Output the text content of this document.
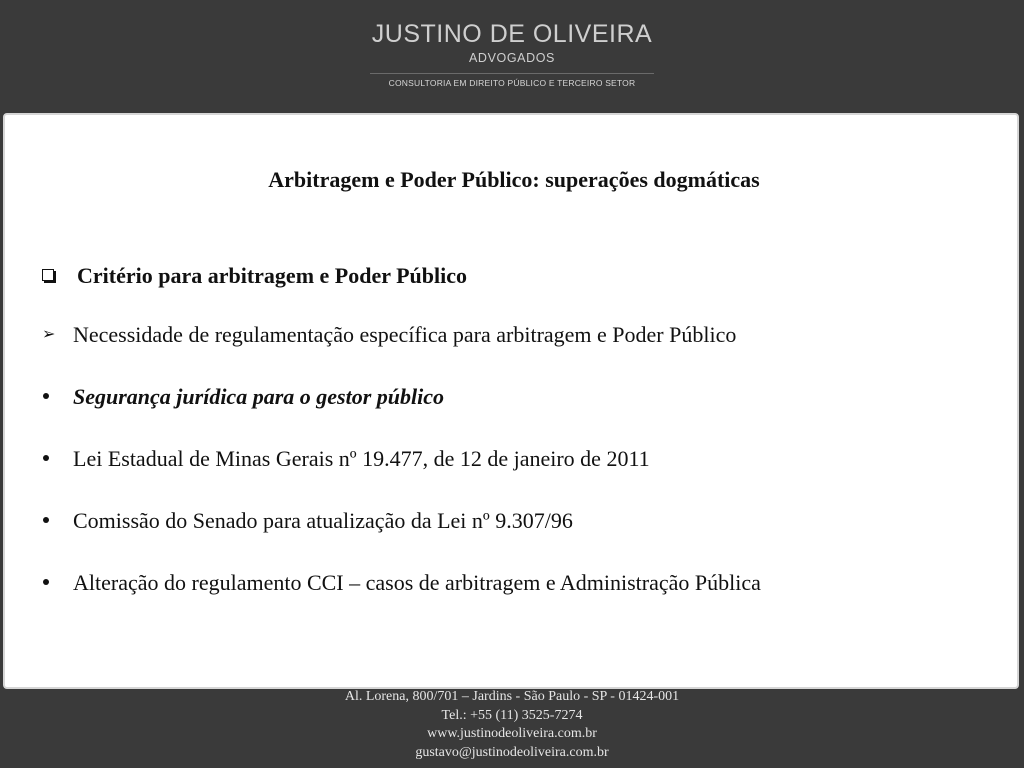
JUSTINO DE OLIVEIRA
ADVOGADOS
CONSULTORIA EM DIREITO PÚBLICO E TERCEIRO SETOR
Al. Lorena, 800/701 – Jardins - São Paulo - SP - 01424-001
Tel.: +55 (11) 3525-7274
www.justinodeoliveira.com.br
gustavo@justinodeoliveira.com.br
Arbitragem e Poder Público: superações dogmáticas
Critério para arbitragem e Poder Público
➢ Necessidade de regulamentação específica para arbitragem e Poder Público
Segurança jurídica para o gestor público
Lei Estadual de Minas Gerais nº 19.477, de 12 de janeiro de 2011
Comissão do Senado para atualização da Lei nº 9.307/96
Alteração do regulamento CCI – casos de arbitragem e Administração Pública
